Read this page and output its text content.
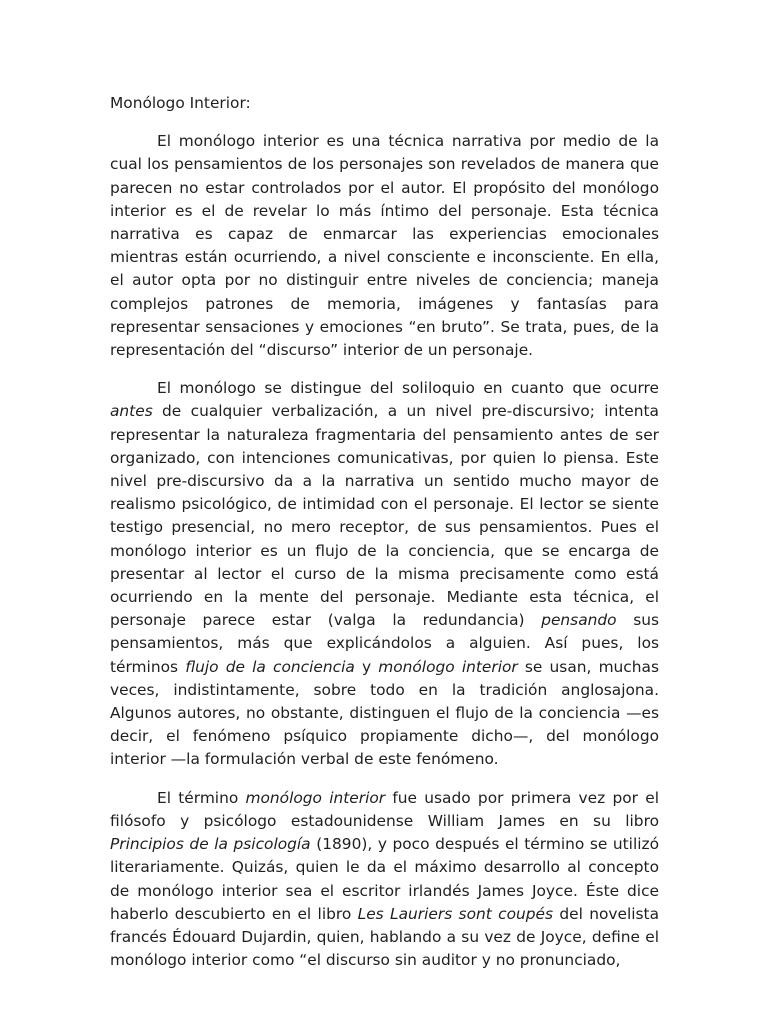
Monólogo Interior:

El monólogo interior es una técnica narrativa por medio de la cual los pensamientos de los personajes son revelados de manera que parecen no estar controlados por el autor. El propósito del monólogo interior es el de revelar lo más íntimo del personaje. Esta técnica narrativa es capaz de enmarcar las experiencias emocionales mientras están ocurriendo, a nivel consciente e inconsciente. En ella, el autor opta por no distinguir entre niveles de conciencia; maneja complejos patrones de memoria, imágenes y fantasías para representar sensaciones y emociones “en bruto”. Se trata, pues, de la representación del “discurso” interior de un personaje.

El monólogo se distingue del soliloquio en cuanto que ocurre antes de cualquier verbalización, a un nivel pre-discursivo; intenta representar la naturaleza fragmentaria del pensamiento antes de ser organizado, con intenciones comunicativas, por quien lo piensa. Este nivel pre-discursivo da a la narrativa un sentido mucho mayor de realismo psicológico, de intimidad con el personaje. El lector se siente testigo presencial, no mero receptor, de sus pensamientos. Pues el monólogo interior es un flujo de la conciencia, que se encarga de presentar al lector el curso de la misma precisamente como está ocurriendo en la mente del personaje. Mediante esta técnica, el personaje parece estar (valga la redundancia) pensando sus pensamientos, más que explicándolos a alguien. Así pues, los términos flujo de la conciencia y monólogo interior se usan, muchas veces, indistintamente, sobre todo en la tradición anglosajona. Algunos autores, no obstante, distinguen el flujo de la conciencia —es decir, el fenómeno psíquico propiamente dicho—, del monólogo interior —la formulación verbal de este fenómeno.

El término monólogo interior fue usado por primera vez por el filósofo y psicólogo estadounidense William James en su libro Principios de la psicología (1890), y poco después el término se utilizó literariamente. Quizás, quien le da el máximo desarrollo al concepto de monólogo interior sea el escritor irlandés James Joyce. Éste dice haberlo descubierto en el libro Les Lauriers sont coupés del novelista francés Édouard Dujardin, quien, hablando a su vez de Joyce, define el monólogo interior como “el discurso sin auditor y no pronunciado,
